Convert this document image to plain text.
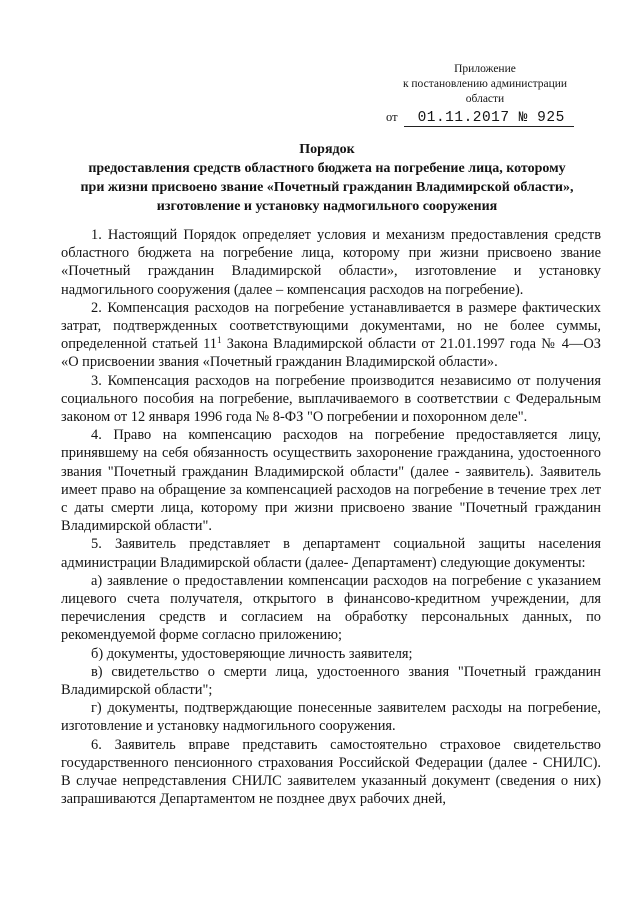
Приложение
к постановлению администрации
области
от 01.11.2017 № 925
Порядок
предоставления средств областного бюджета на погребение лица, которому
при жизни присвоено звание «Почетный гражданин Владимирской области»,
изготовление и установку надмогильного сооружения

1. Настоящий Порядок определяет условия и механизм предоставления средств областного бюджета на погребение лица, которому при жизни присвоено звание «Почетный гражданин Владимирской области», изготовление и установку надмогильного сооружения (далее – компенсация расходов на погребение).

2. Компенсация расходов на погребение устанавливается в размере фактических затрат, подтвержденных соответствующими документами, но не более суммы, определенной статьей $11^1$ Закона Владимирской области от 21.01.1997 года № 4—ОЗ «О присвоении звания «Почетный гражданин Владимирской области».

3. Компенсация расходов на погребение производится независимо от получения социального пособия на погребение, выплачиваемого в соответствии с Федеральным законом от 12 января 1996 года № 8-ФЗ "О погребении и похоронном деле".

4. Право на компенсацию расходов на погребение предоставляется лицу, принявшему на себя обязанность осуществить захоронение гражданина, удостоенного звания "Почетный гражданин Владимирской области" (далее - заявитель). Заявитель имеет право на обращение за компенсацией расходов на погребение в течение трех лет с даты смерти лица, которому при жизни присвоено звание "Почетный гражданин Владимирской области".

5. Заявитель представляет в департамент социальной защиты населения администрации Владимирской области (далее- Департамент) следующие документы:

а) заявление о предоставлении компенсации расходов на погребение с указанием лицевого счета получателя, открытого в финансово-кредитном учреждении, для перечисления средств и согласием на обработку персональных данных, по рекомендуемой форме согласно приложению;

б) документы, удостоверяющие личность заявителя;

в) свидетельство о смерти лица, удостоенного звания "Почетный гражданин Владимирской области";

г) документы, подтверждающие понесенные заявителем расходы на погребение, изготовление и установку надмогильного сооружения.

6. Заявитель вправе представить самостоятельно страховое свидетельство государственного пенсионного страхования Российской Федерации (далее - СНИЛС). В случае непредставления СНИЛС заявителем указанный документ (сведения о них) запрашиваются Департаментом не позднее двух рабочих дней,
